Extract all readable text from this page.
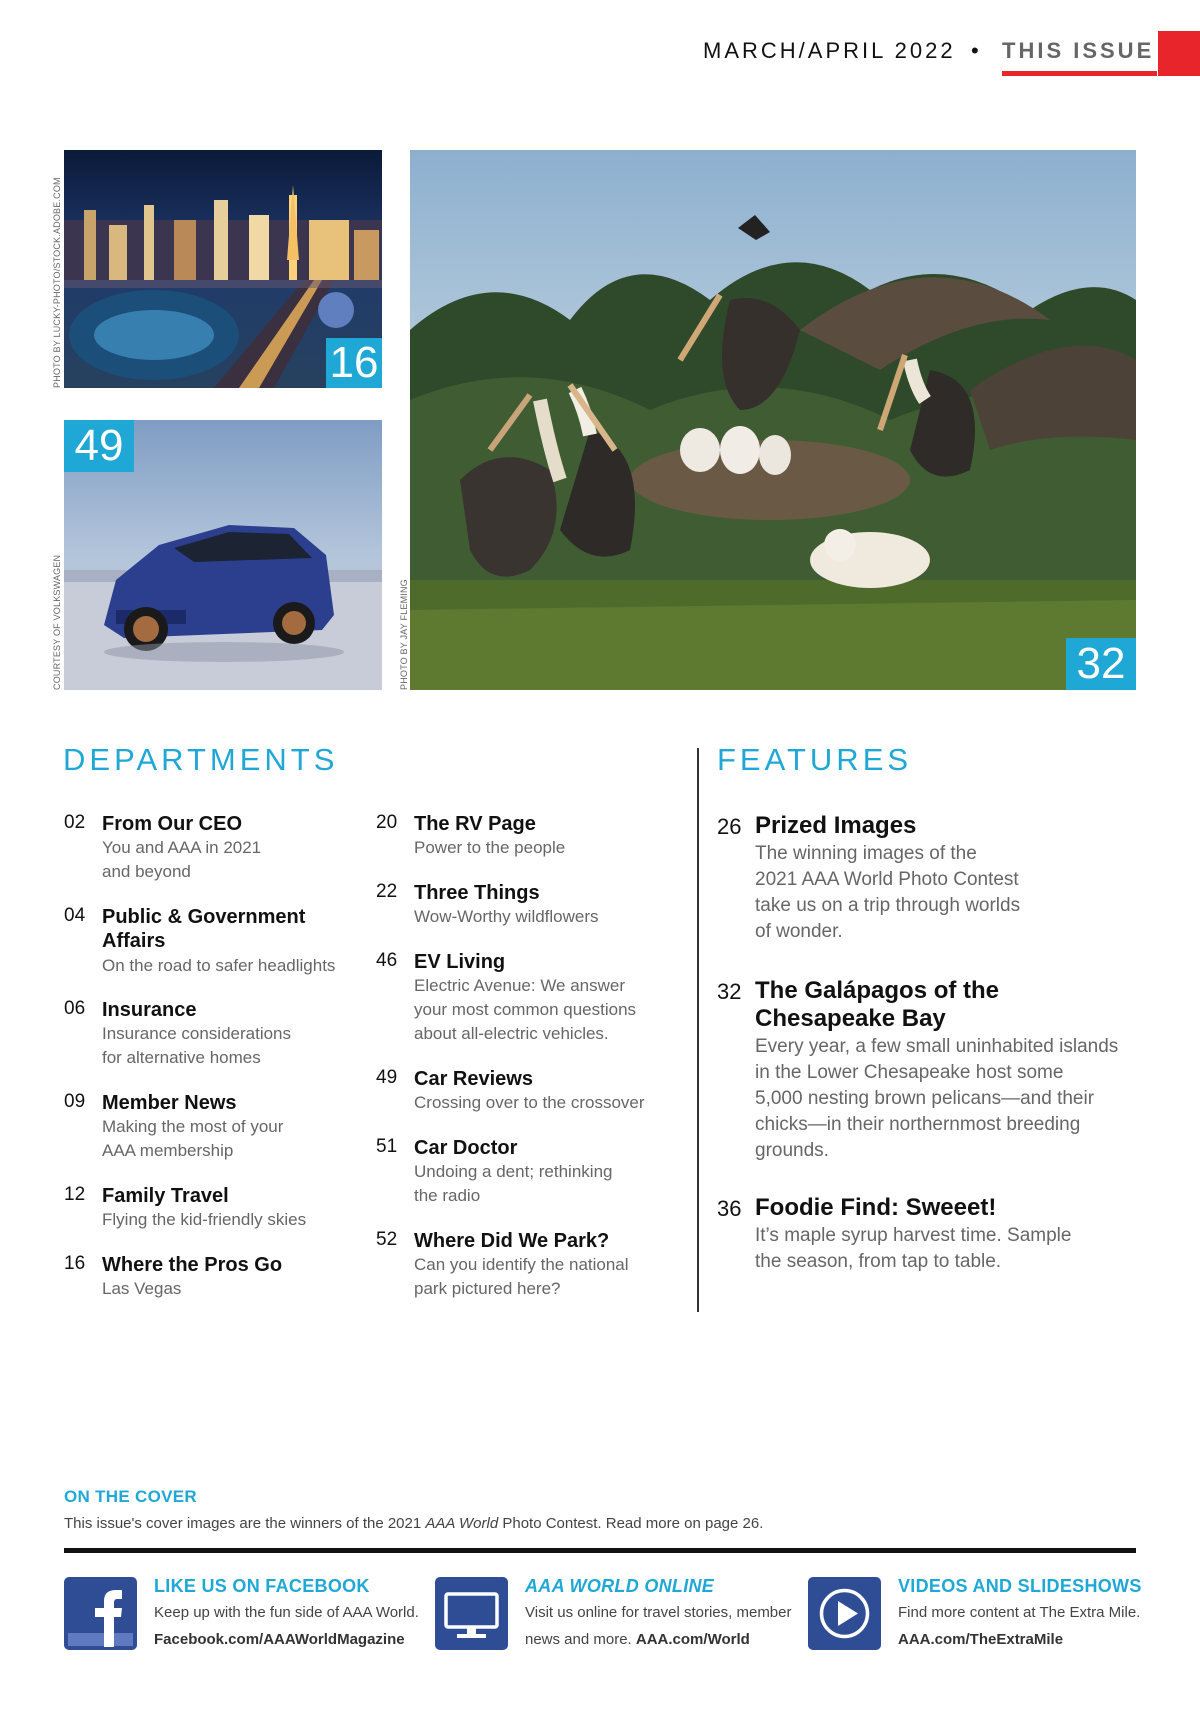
MARCH/APRIL 2022 • THIS ISSUE
16
PHOTO BY LUCKY-PHOTO/STOCK.ADOBE.COM
49
COURTESY OF VOLKSWAGEN	32
PHOTO BY JAY FLEMING
DEPARTMENTS
02 From Our CEO
You and AAA in 2021
and beyond
04 Public & Government
Affairs
On the road to safer headlights
06 Insurance
Insurance considerations
for alternative homes
09 Member News
Making the most of your
AAA membership
12 Family Travel
Flying the kid-friendly skies
16 Where the Pros Go
Las Vegas
20 The RV Page
Power to the people
22 Three Things
Wow-Worthy wildflowers
46 EV Living
Electric Avenue: We answer
your most common questions
about all-electric vehicles.
49 Car Reviews
Crossing over to the crossover
51 Car Doctor
Undoing a dent; rethinking
the radio
52 Where Did We Park?
Can you identify the national
park pictured here?
FEATURES
26 Prized Images
The winning images of the
2021 AAA World Photo Contest
take us on a trip through worlds
of wonder.
32 The Galápagos of the
Chesapeake Bay
Every year, a few small uninhabited islands
in the Lower Chesapeake host some
5,000 nesting brown pelicans—and their
chicks—in their northernmost breeding
grounds.
36 Foodie Find: Sweeet!
It’s maple syrup harvest time. Sample
the season, from tap to table.
ON THE COVER
This issue's cover images are the winners of the 2021 AAA World Photo Contest. Read more on page 26.
LIKE US ON FACEBOOK
Keep up with the fun side of AAA World.
Facebook.com/AAAWorldMagazine
AAA WORLD ONLINE
Visit us online for travel stories, member
news and more. AAA.com/World
VIDEOS AND SLIDESHOWS
Find more content at The Extra Mile.
AAA.com/TheExtraMile
